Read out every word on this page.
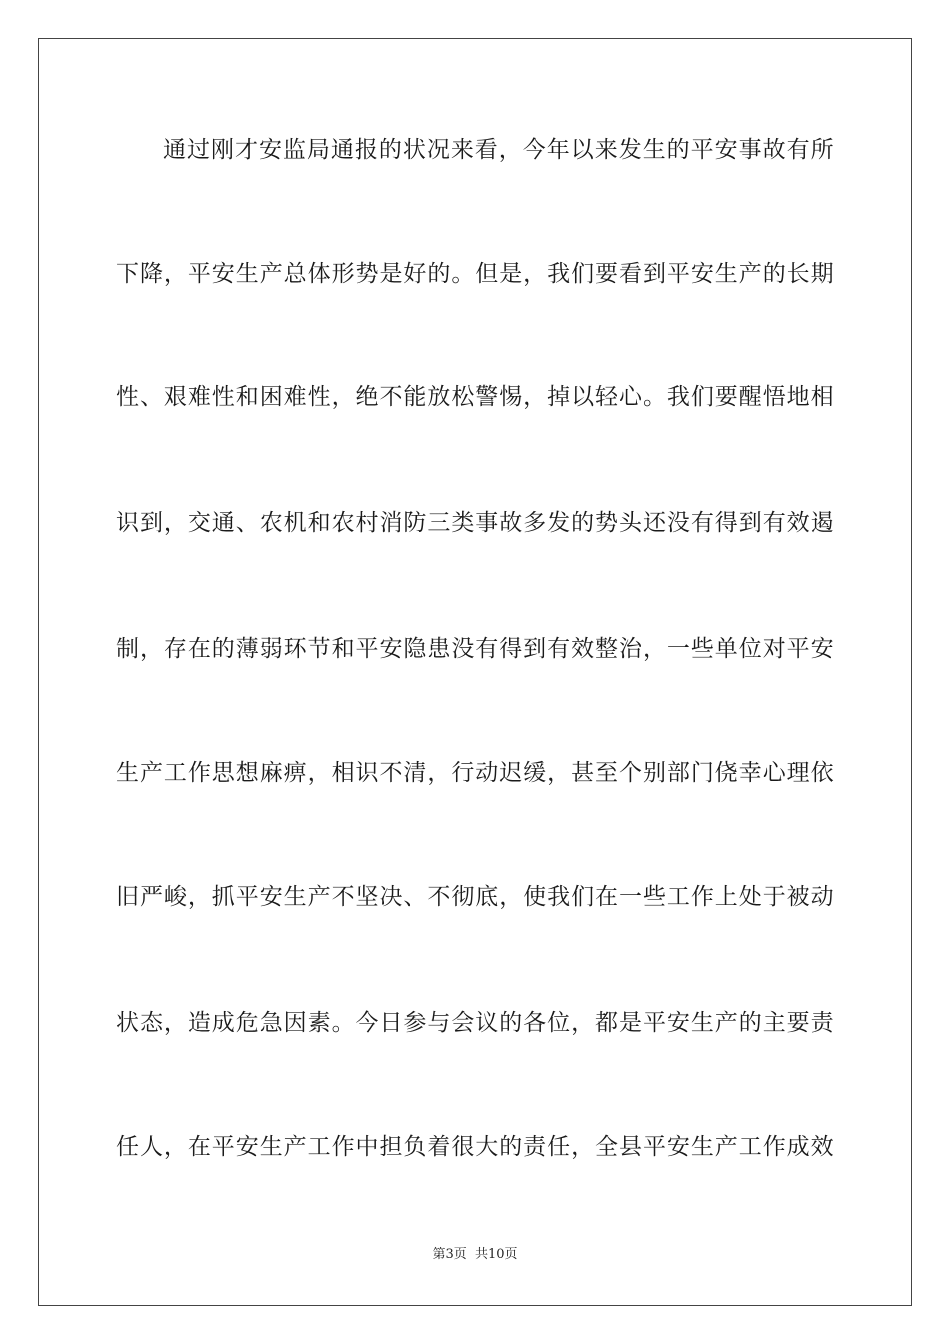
通过刚才安监局通报的状况来看，今年以来发生的平安事故有所
下降，平安生产总体形势是好的。但是，我们要看到平安生产的长期
性、艰难性和困难性，绝不能放松警惕，掉以轻心。我们要醒悟地相
识到，交通、农机和农村消防三类事故多发的势头还没有得到有效遏
制，存在的薄弱环节和平安隐患没有得到有效整治，一些单位对平安
生产工作思想麻痹，相识不清，行动迟缓，甚至个别部门侥幸心理依
旧严峻，抓平安生产不坚决、不彻底，使我们在一些工作上处于被动
状态，造成危急因素。今日参与会议的各位，都是平安生产的主要责
任人，在平安生产工作中担负着很大的责任，全县平安生产工作成效
第3页  共10页
